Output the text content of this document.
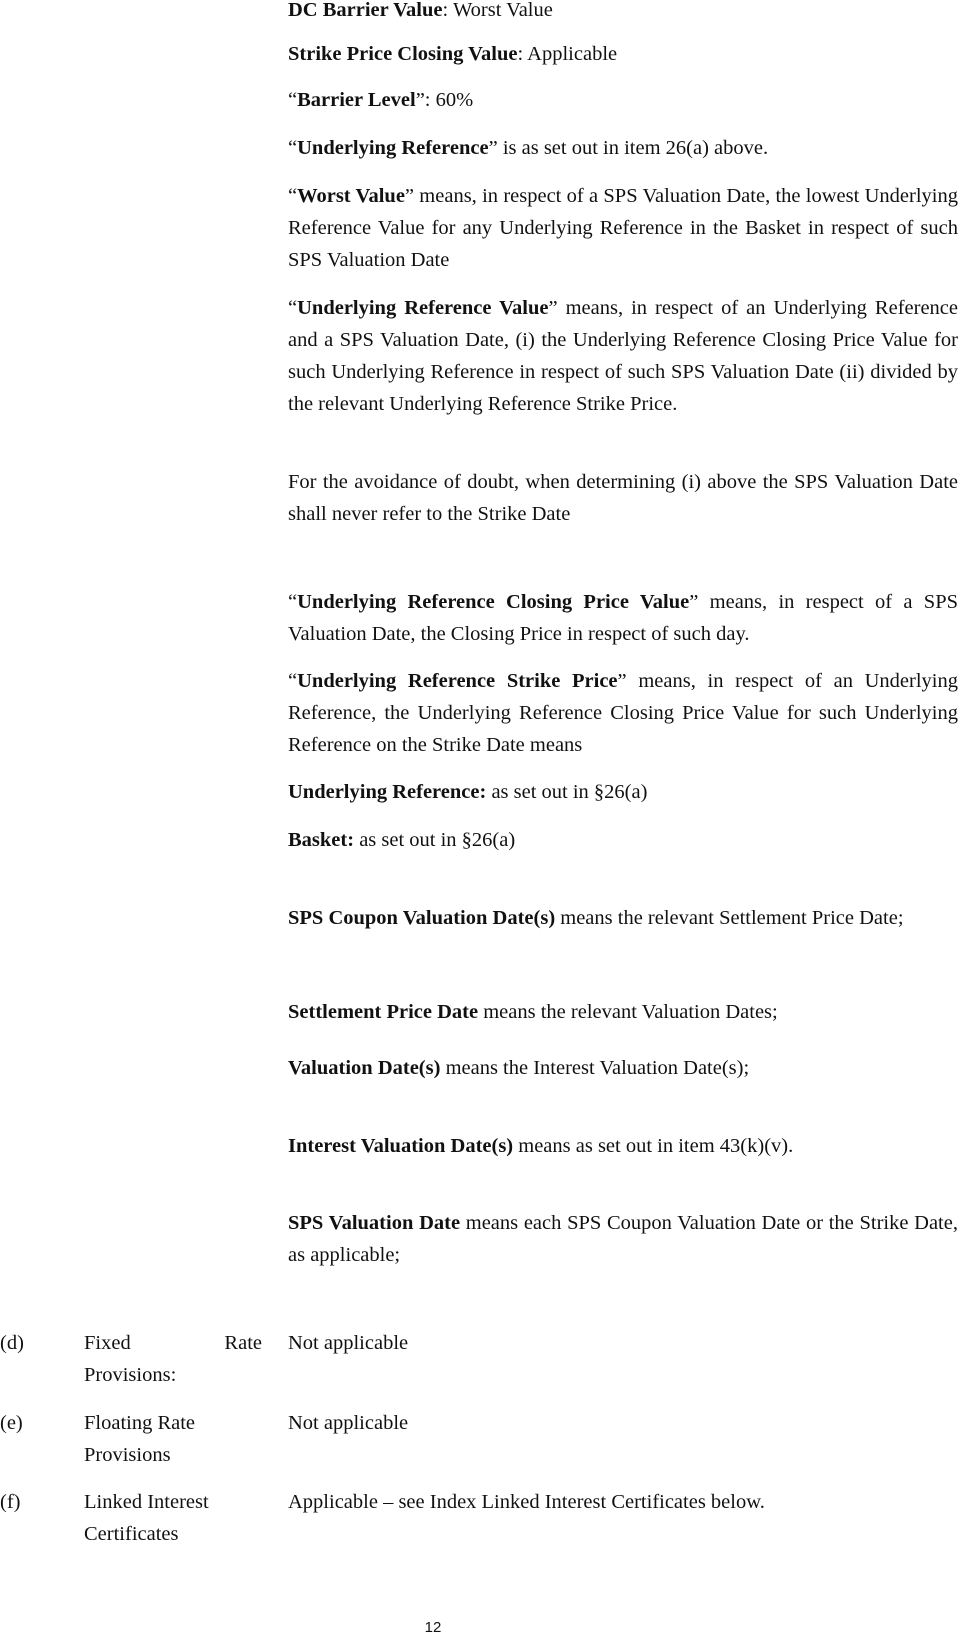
DC Barrier Value: Worst Value

Strike Price Closing Value: Applicable

“Barrier Level”: 60%

“Underlying Reference” is as set out in item 26(a) above.

“Worst Value” means, in respect of a SPS Valuation Date, the lowest Underlying Reference Value for any Underlying Reference in the Basket in respect of such SPS Valuation Date

“Underlying Reference Value” means, in respect of an Underlying Reference and a SPS Valuation Date, (i) the Underlying Reference Closing Price Value for such Underlying Reference in respect of such SPS Valuation Date (ii) divided by the relevant Underlying Reference Strike Price.

For the avoidance of doubt, when determining (i) above the SPS Valuation Date shall never refer to the Strike Date

“Underlying Reference Closing Price Value” means, in respect of a SPS Valuation Date, the Closing Price in respect of such day.

“Underlying Reference Strike Price” means, in respect of an Underlying Reference, the Underlying Reference Closing Price Value for such Underlying Reference on the Strike Date means

Underlying Reference: as set out in §26(a)

Basket: as set out in §26(a)

SPS Coupon Valuation Date(s) means the relevant Settlement Price Date;

Settlement Price Date means the relevant Valuation Dates;

Valuation Date(s) means the Interest Valuation Date(s);

Interest Valuation Date(s) means as set out in item 43(k)(v).

SPS Valuation Date means each SPS Coupon Valuation Date or the Strike Date, as applicable;

(d)	Fixed Rate Provisions:
Not applicable
(e)	Floating Rate Provisions
Not applicable
(f)	Linked Interest Certificates
Applicable – see Index Linked Interest Certificates below.
12
